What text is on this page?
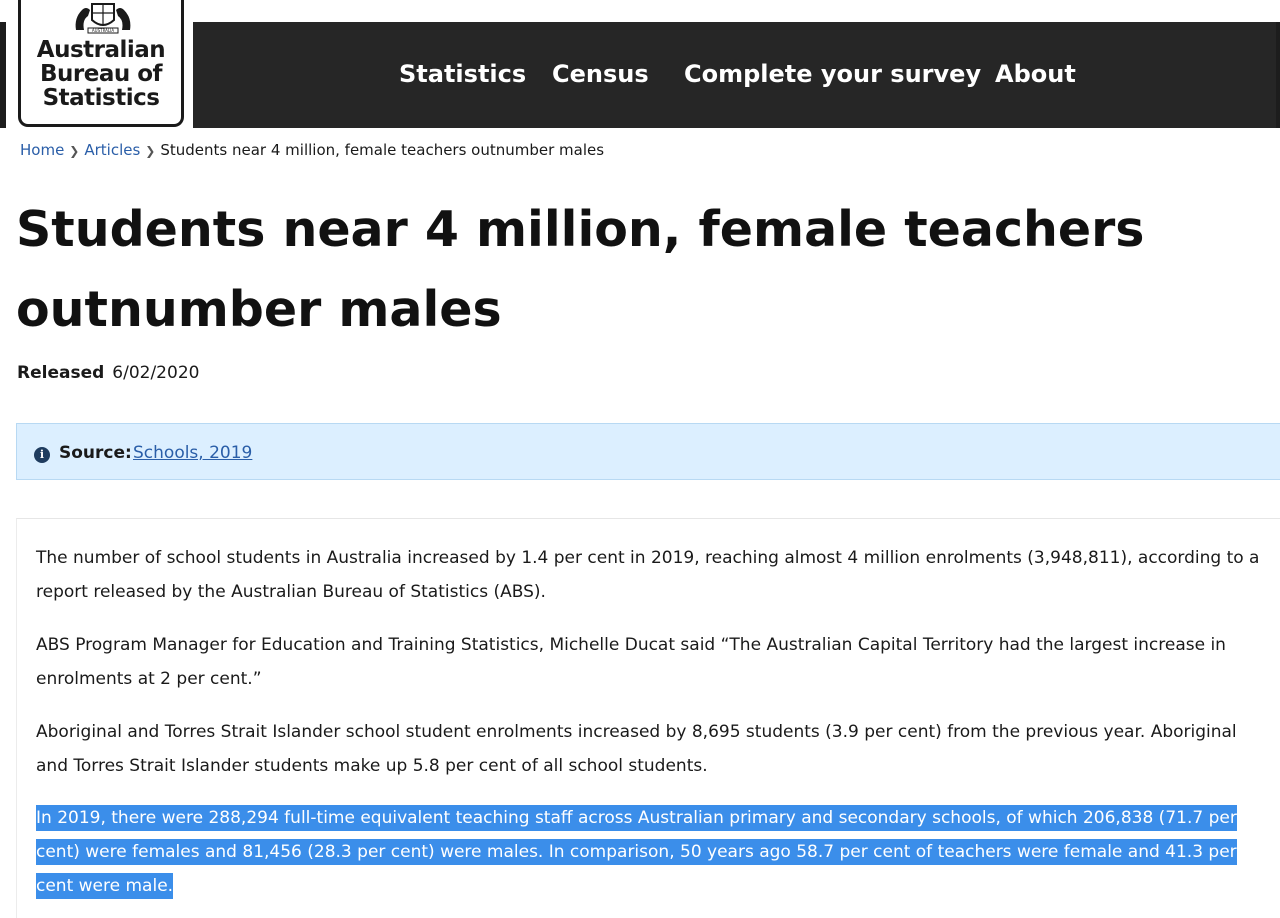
Statistics Census Complete your survey About
AUSTRALIA
Australian
Bureau of
Statistics
Home ❯ Articles ❯ Students near 4 million, female teachers outnumber males
Students near 4 million, female teachers outnumber males
Released 6/02/2020
i Source: Schools, 2019

The number of school students in Australia increased by 1.4 per cent in 2019, reaching almost 4 million enrolments (3,948,811), according to a report released by the Australian Bureau of Statistics (ABS).

ABS Program Manager for Education and Training Statistics, Michelle Ducat said “The Australian Capital Territory had the largest increase in enrolments at 2 per cent.”

Aboriginal and Torres Strait Islander school student enrolments increased by 8,695 students (3.9 per cent) from the previous year. Aboriginal and Torres Strait Islander students make up 5.8 per cent of all school students.

In 2019, there were 288,294 full-time equivalent teaching staff across Australian primary and secondary schools, of which 206,838 (71.7 per cent) were females and 81,456 (28.3 per cent) were males. In comparison, 50 years ago 58.7 per cent of teachers were female and 41.3 per cent were male.
